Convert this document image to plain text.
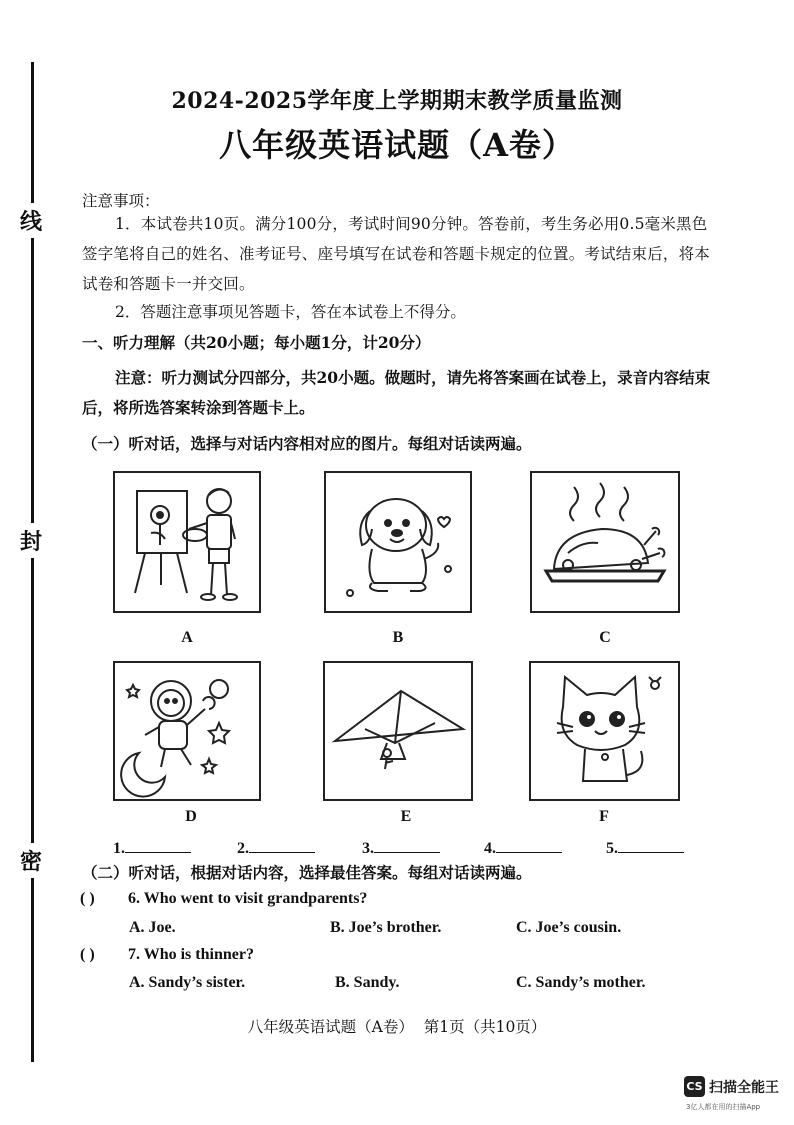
线
封
密
2024-2025学年度上学期期末教学质量监测
八年级英语试题（A卷）
注意事项：
1．本试卷共10页。满分100分，考试时间90分钟。答卷前，考生务必用0.5毫米黑色签字笔将自己的姓名、准考证号、座号填写在试卷和答题卡规定的位置。考试结束后，将本试卷和答题卡一并交回。
2．答题注意事项见答题卡，答在本试卷上不得分。
一、听力理解（共20小题；每小题1分，计20分）
注意：听力测试分四部分，共20小题。做题时，请先将答案画在试卷上，录音内容结束后，将所选答案转涂到答题卡上。
（一）听对话，选择与对话内容相对应的图片。每组对话读两遍。
A	B	C
D	E	F
1.	2.	3.	4.	5.
（二）听对话，根据对话内容，选择最佳答案。每组对话读两遍。
( ) 6. Who went to visit grandparents?
A. Joe.	B. Joe’s brother.	C. Joe’s cousin.
( ) 7. Who is thinner?
A. Sandy’s sister.	B. Sandy.	C. Sandy’s mother.
八年级英语试题（A卷）  第1页（共10页）
CS 扫描全能王
3亿人都在用的扫描App
